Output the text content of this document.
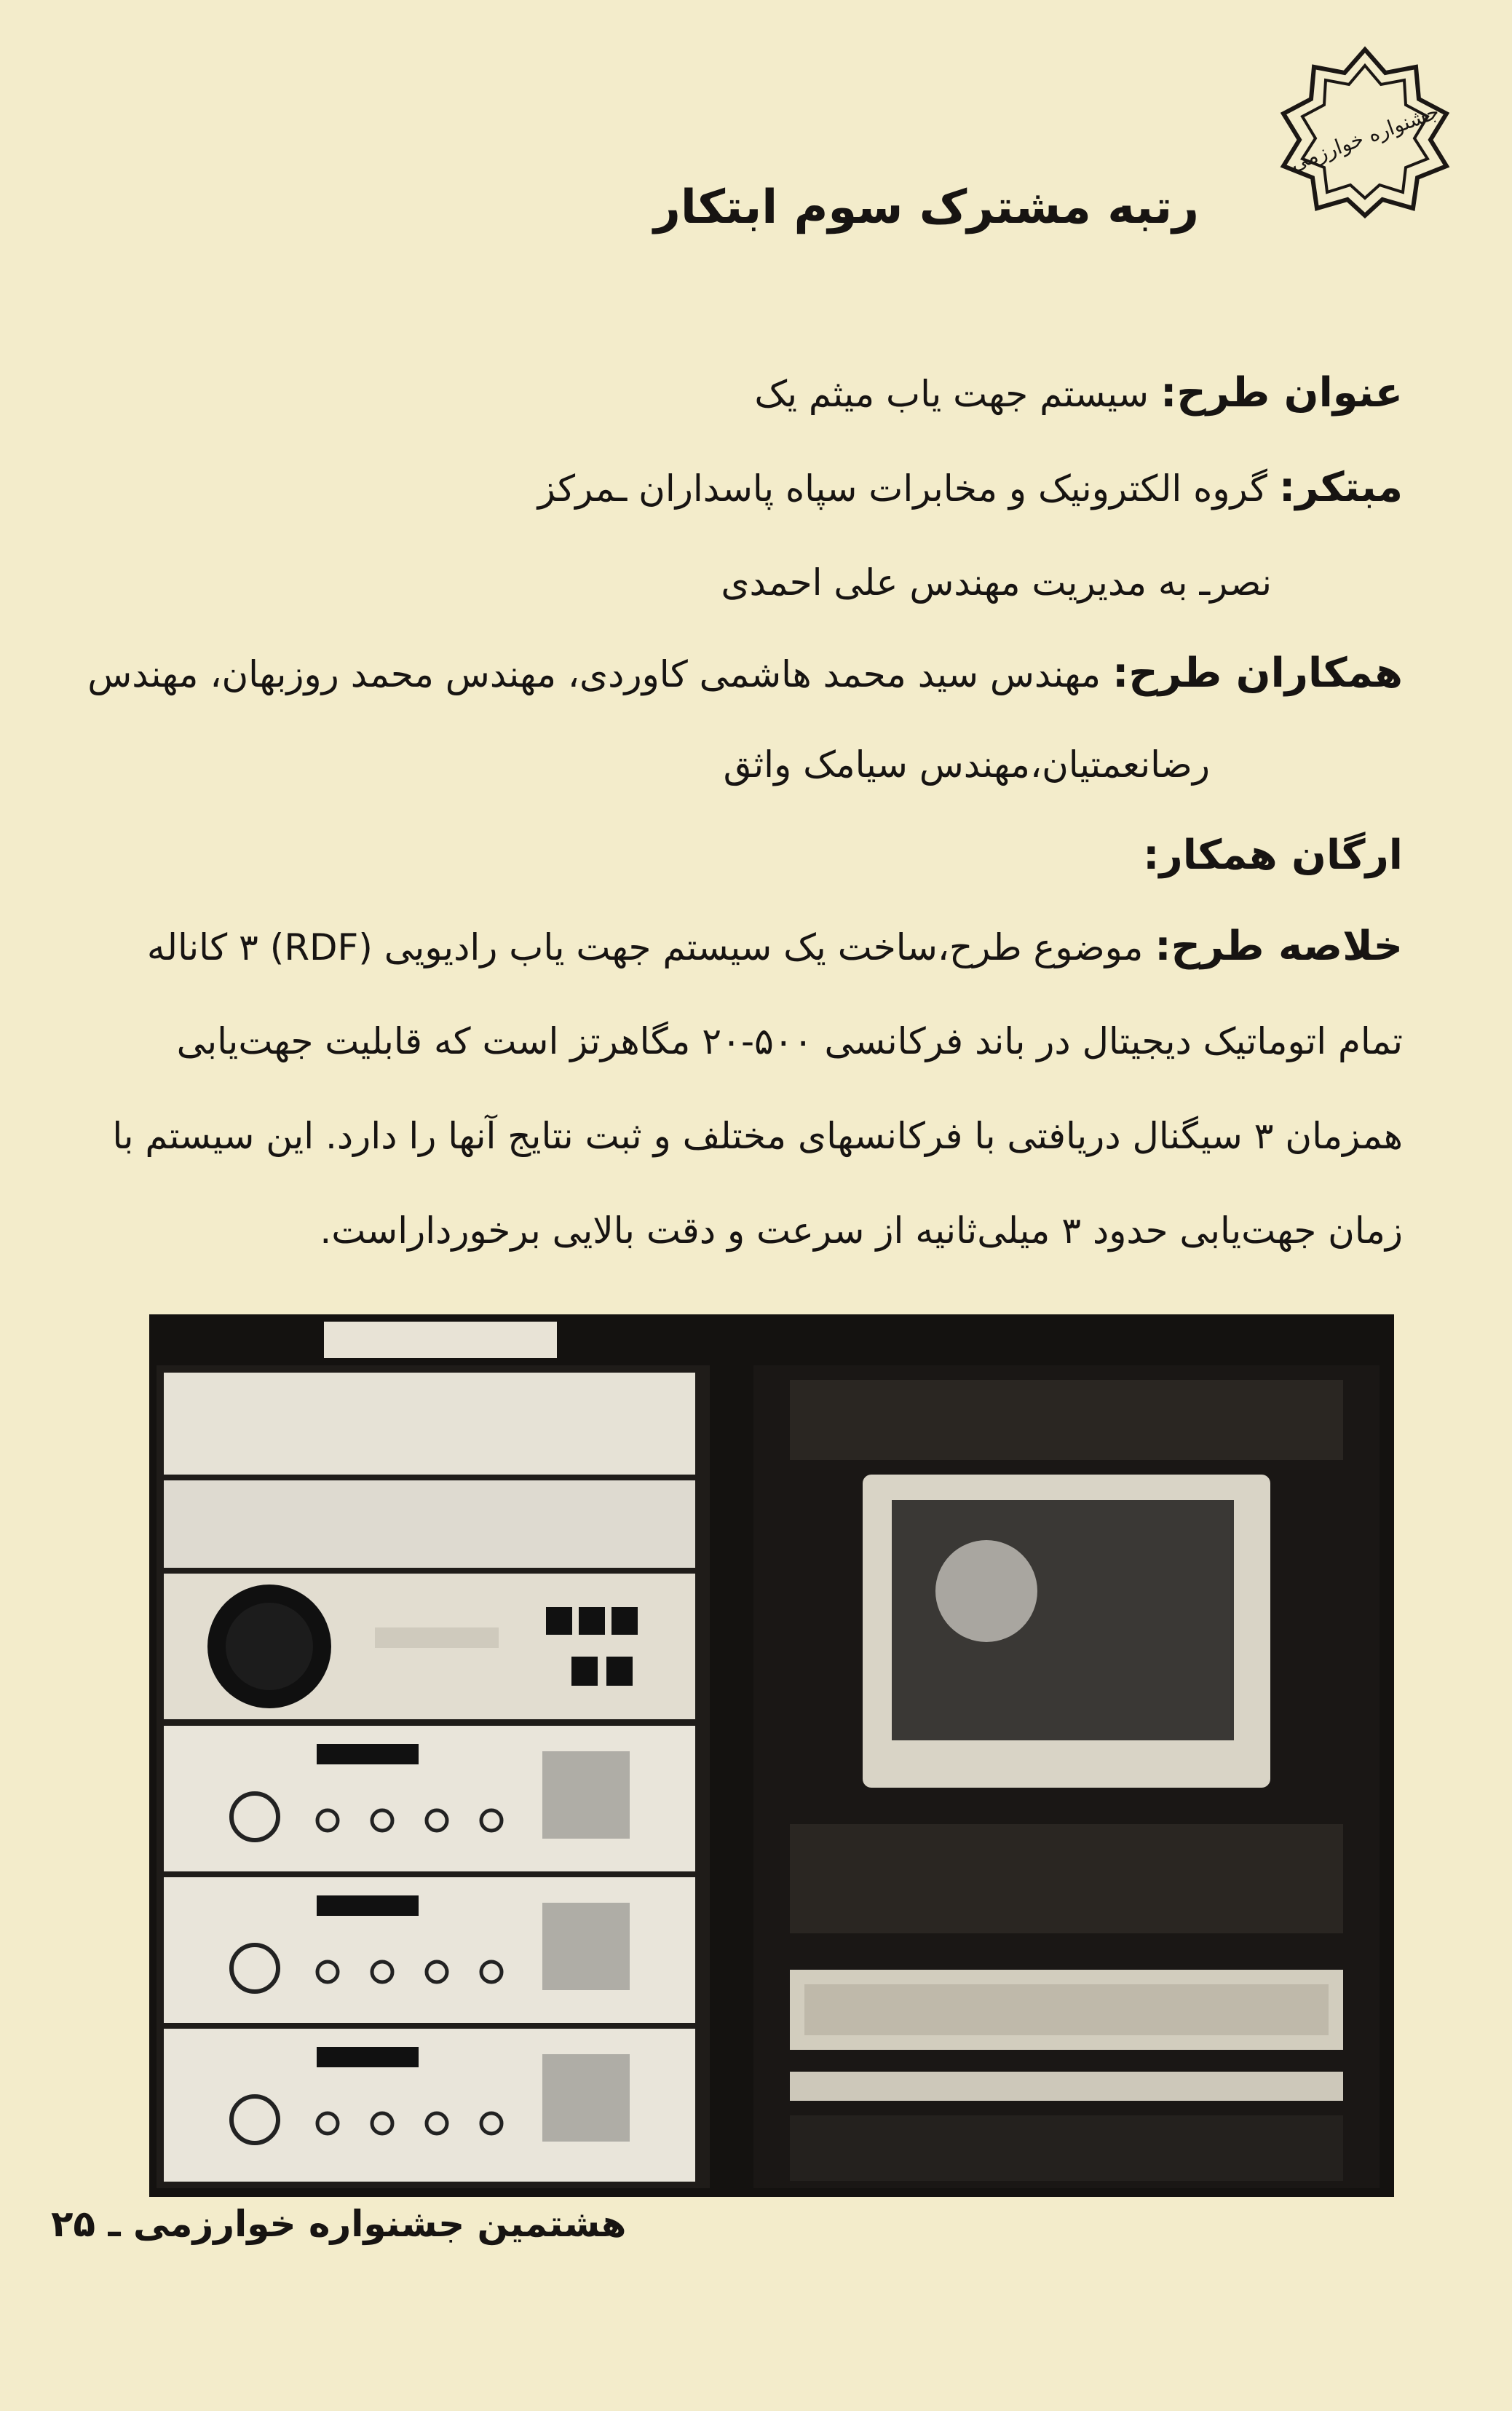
جشنواره خوارزمی
رتبه مشترک سوم ابتکار
عنوان طرح: سیستم جهت یاب میثم یک
مبتکر: گروه الکترونیک و مخابرات سپاه پاسداران ـمرکز
نصرـ به مدیریت مهندس علی احمدی
همکاران طرح: مهندس سید محمد هاشمی کاوردی، مهندس محمد روزبهان، مهندس
رضانعمتیان،مهندس سیامک واثق
ارگان همکار:
خلاصه طرح: موضوع طرح،ساخت یک سیستم جهت یاب رادیویی (RDF) ۳ کاناله
تمام اتوماتیک دیجیتال در باند فرکانسی ۵۰۰-۲۰ مگاهرتز است که قابلیت جهت‌یابی
همزمان ۳ سیگنال دریافتی با فرکانسهای مختلف و ثبت نتایج آنها را دارد. این سیستم با
زمان جهت‌یابی حدود ۳ میلی‌ثانیه از سرعت و دقت بالایی برخورداراست.
هشتمین جشنواره خوارزمی ـ ۲۵
